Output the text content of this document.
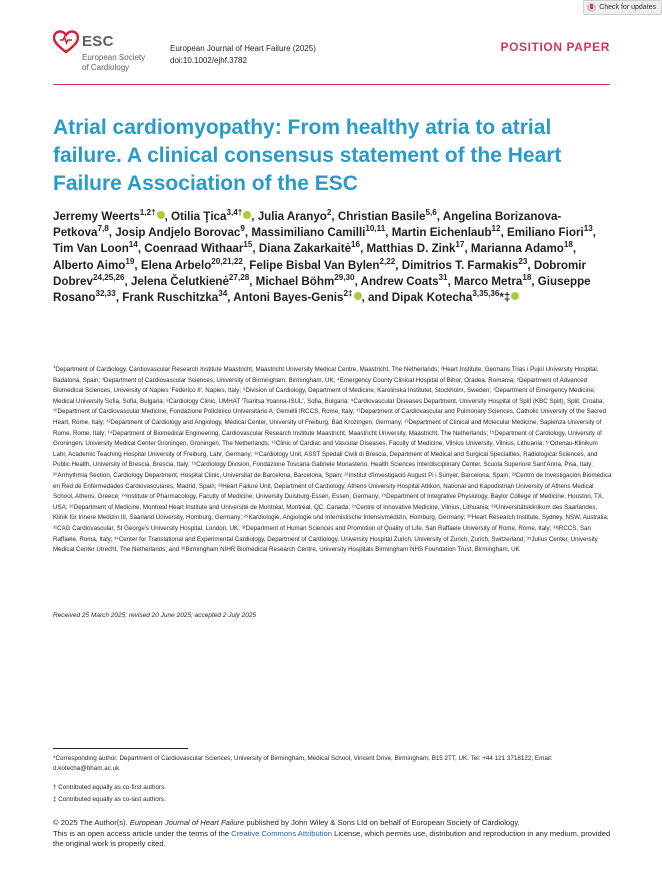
Check for updates
ESC
European Society
of Cardiology
European Journal of Heart Failure (2025)
doi:10.1002/ejhf.3782
POSITION PAPER
Atrial cardiomyopathy: From healthy atria to atrial failure. A clinical consensus statement of the Heart Failure Association of the ESC
Jerremy Weerts$^{1,2\dagger}$ , Otilia Ţica$^{3,4\dagger}$ , Julia Aranyo$^2$, Christian Basile$^{5,6}$, Angelina Borizanova-Petkova$^{7,8}$, Josip Andjelo Borovac$^9$, Massimiliano Camilli$^{10,11}$, Martin Eichenlaub$^{12}$, Emiliano Fiori$^{13}$, Tim Van Loon$^{14}$, Coenraad Withaar$^{15}$, Diana Zakarkaitė$^{16}$, Matthias D. Zink$^{17}$, Marianna Adamo$^{18}$, Alberto Aimo$^{19}$, Elena Arbelo$^{20,21,22}$, Felipe Bisbal Van Bylen$^{2,22}$, Dimitrios T. Farmakis$^{23}$, Dobromir Dobrev$^{24,25,26}$, Jelena Čelutkienė$^{27,28}$, Michael Böhm$^{29,30}$, Andrew Coats$^{31}$, Marco Metra$^{18}$, Giuseppe Rosano$^{32,33}$, Frank Ruschitzka$^{34}$, Antoni Bayes-Genis$^{2\ddagger}$ , and Dipak Kotecha$^{3,35,36}$*‡
$^1$Department of Cardiology, Cardiovascular Research Institute Maastricht, Maastricht University Medical Centre, Maastricht, The Netherlands; ²Heart Institute, Germans Trias i Pujol University Hospital, Badalona, Spain; ³Department of Cardiovascular Sciences, University of Birmingham, Birmingham, UK; ⁴Emergency County Clinical Hospital of Bihor, Oradea, Romania; ⁵Department of Advanced Biomedical Sciences, University of Naples 'Federico II', Naples, Italy; ⁶Division of Cardiology, Department of Medicine, Karolinska Institutet, Stockholm, Sweden; ⁷Department of Emergency Medicine, Medical University Sofia, Sofia, Bulgaria; ⁸Cardiology Clinic, UMHAT 'Tsaritsa Yoanna-ISUL', Sofia, Bulgaria; ⁹Cardiovascular Diseases Department, University Hospital of Split (KBC Split), Split, Croatia; ¹⁰Department of Cardiovascular Medicine, Fondazione Policlinico Universitario A. Gemelli IRCCS, Rome, Italy; ¹¹Department of Cardiovascular and Pulmonary Sciences, Catholic University of the Sacred Heart, Rome, Italy; ¹²Department of Cardiology and Angiology, Medical Center, University of Freiburg, Bad Krozingen, Germany; ¹³Department of Clinical and Molecular Medicine, Sapienza University of Rome, Rome, Italy; ¹⁴Department of Biomedical Engineering, Cardiovascular Research Institute Maastricht, Maastricht University, Maastricht, The Netherlands; ¹⁵Department of Cardiology, University of Groningen, University Medical Center Groningen, Groningen, The Netherlands; ¹⁶Clinic of Cardiac and Vascular Diseases, Faculty of Medicine, Vilnius University, Vilnius, Lithuania; ¹⁷Ortenau-Klinikum Lahr, Academic Teaching Hospital University of Freiburg, Lahr, Germany; ¹⁸Cardiology Unit, ASST Spedali Civili di Brescia, Department of Medical and Surgical Specialties, Radiological Sciences, and Public Health, University of Brescia, Brescia, Italy; ¹⁹Cardiology Division, Fondazione Toscana Gabriele Monasterio, Health Sciences Interdisciplinary Center, Scuola Superiore Sant'Anna, Pisa, Italy; ²⁰Arrhythmia Section, Cardiology Department, Hospital Clinic, Universitat de Barcelona, Barcelona, Spain; ²¹Institut d'Investigació August Pi i Sunyer, Barcelona, Spain; ²²Centro de Investigación Biomédica en Red de Enfermedades Cardiovasculares, Madrid, Spain; ²³Heart Failure Unit, Department of Cardiology, Athens University Hospital Attikon, National and Kapodistrian University of Athens Medical School, Athens, Greece; ²⁴Institute of Pharmacology, Faculty of Medicine, University Duisburg-Essen, Essen, Germany; ²⁵Department of Integrative Physiology, Baylor College of Medicine, Houston, TX, USA; ²⁶Department of Medicine, Montreal Heart Institute and Université de Montréal, Montréal, QC, Canada; ²⁷Centre of Innovative Medicine, Vilnius, Lithuania; ²⁸Universitätsklinikum des Saarlandes, Klinik für Innere Medizin III, Saarland University, Homburg, Germany; ²⁹Kardiologie, Angiologie und Internistische Intensivmedizin, Homburg, Germany; ³⁰Heart Research Institute, Sydney, NSW, Australia; ³¹CAG Cardiovascular, St George's University Hospital, London, UK; ³²Department of Human Sciences and Promotion of Quality of Life, San Raffaele University of Rome, Rome, Italy; ³³IRCCS, San Raffaele, Roma, Italy; ³⁴Center for Translational and Experimental Cardiology, Department of Cardiology, University Hospital Zurich, University of Zurich, Zurich, Switzerland; ³⁵Julius Center, University Medical Center Utrecht, The Netherlands; and ³⁶Birmingham NIHR Biomedical Research Centre, University Hospitals Birmingham NHS Foundation Trust, Birmingham, UK
Received 25 March 2025; revised 20 June 2025; accepted 2 July 2025
*Corresponding author. Department of Cardiovascular Sciences, University of Birmingham, Medical School, Vincent Drive, Birmingham, B15 2TT, UK. Tel: +44 121 3718122, Email: d.kotecha@bham.ac.uk
† Contributed equally as co-first authors.
‡ Contributed equally as co-last authors.
© 2025 The Author(s). European Journal of Heart Failure published by John Wiley & Sons Ltd on behalf of European Society of Cardiology.
This is an open access article under the terms of the Creative Commons Attribution License, which permits use, distribution and reproduction in any medium, provided the original work is properly cited.
